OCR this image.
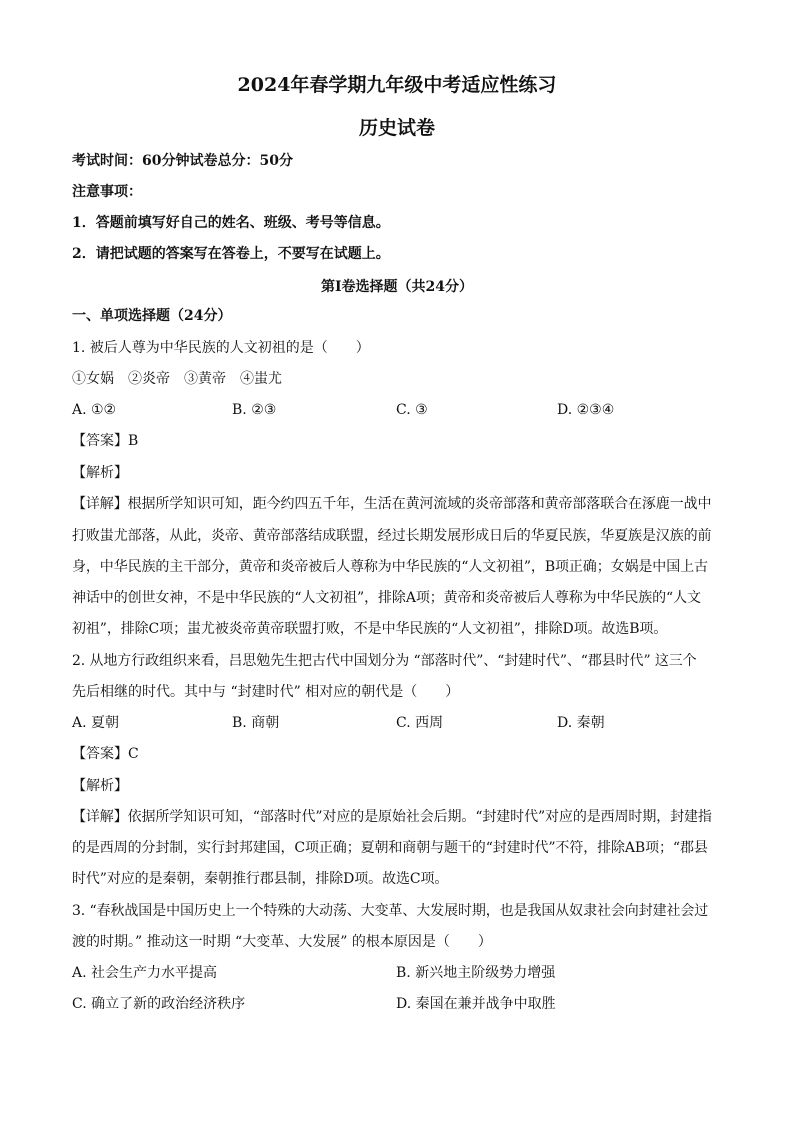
2024年春学期九年级中考适应性练习
历史试卷
考试时间：60分钟试卷总分：50分
注意事项：
1．答题前填写好自己的姓名、班级、考号等信息。
2．请把试题的答案写在答卷上，不要写在试题上。
第Ⅰ卷选择题（共24分）
一、单项选择题（24分）
1. 被后人尊为中华民族的人文初祖的是（　　）
①女娲　②炎帝　③黄帝　④蚩尤
A. ①②	B. ②③	C. ③	D. ②③④
【答案】B
【解析】
【详解】根据所学知识可知，距今约四五千年，生活在黄河流域的炎帝部落和黄帝部落联合在涿鹿一战中
打败蚩尤部落，从此，炎帝、黄帝部落结成联盟，经过长期发展形成日后的华夏民族，华夏族是汉族的前
身，中华民族的主干部分，黄帝和炎帝被后人尊称为中华民族的“人文初祖”，B项正确；女娲是中国上古
神话中的创世女神，不是中华民族的“人文初祖”，排除A项；黄帝和炎帝被后人尊称为中华民族的“人文
初祖”，排除C项；蚩尤被炎帝黄帝联盟打败，不是中华民族的“人文初祖”，排除D项。故选B项。
2. 从地方行政组织来看，吕思勉先生把古代中国划分为 “部落时代”、“封建时代”、“郡县时代” 这三个
先后相继的时代。其中与 “封建时代” 相对应的朝代是（　　）
A. 夏朝	B. 商朝	C. 西周	D. 秦朝
【答案】C
【解析】
【详解】依据所学知识可知，“部落时代”对应的是原始社会后期。“封建时代”对应的是西周时期，封建指
的是西周的分封制，实行封邦建国，C项正确；夏朝和商朝与题干的“封建时代”不符，排除AB项；“郡县
时代”对应的是秦朝，秦朝推行郡县制，排除D项。故选C项。
3. “春秋战国是中国历史上一个特殊的大动荡、大变革、大发展时期，也是我国从奴隶社会向封建社会过
渡的时期。” 推动这一时期 “大变革、大发展” 的根本原因是（　　）
A. 社会生产力水平提高	B. 新兴地主阶级势力增强
C. 确立了新的政治经济秩序	D. 秦国在兼并战争中取胜
